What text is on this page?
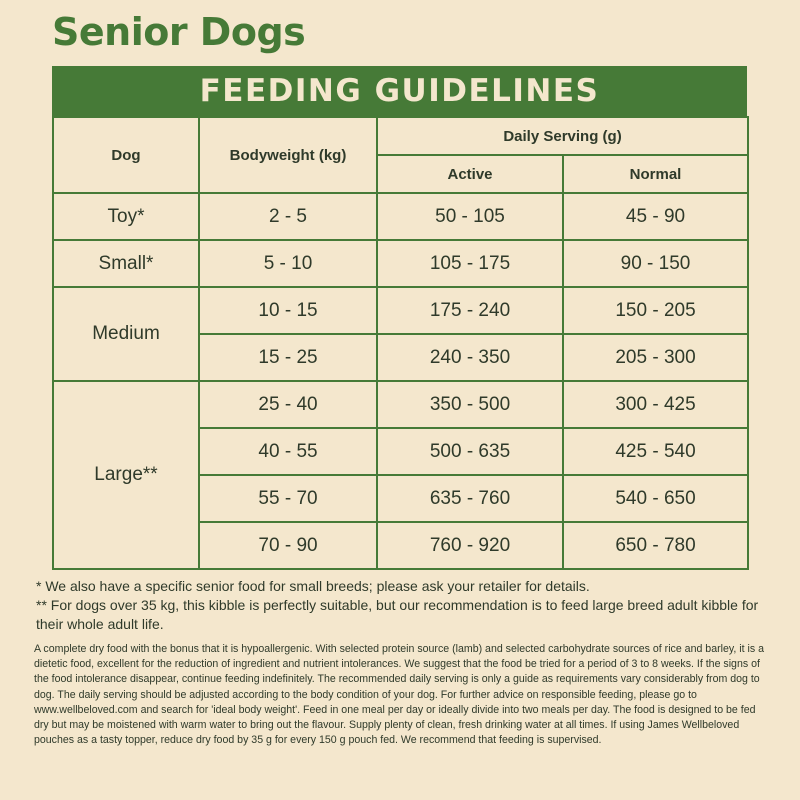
Senior Dogs
FEEDING GUIDELINES
Dog	Bodyweight (kg)	Daily Serving (g)	
		Active	Normal
Toy*	2 - 5	50 - 105	45 - 90
Small*	5 - 10	105 - 175	90 - 150
Medium	10 - 15	175 - 240	150 - 205
	15 - 25	240 - 350	205 - 300
Large**	25 - 40	350 - 500	300 - 425
	40 - 55	500 - 635	425 - 540
	55 - 70	635 - 760	540 - 650
	70 - 90	760 - 920	650 - 780

* We also have a specific senior food for small breeds; please ask your retailer for details.

** For dogs over 35 kg, this kibble is perfectly suitable, but our recommendation is to feed large breed adult kibble for their whole adult life.

A complete dry food with the bonus that it is hypoallergenic. With selected protein source (lamb) and selected carbohydrate sources of rice and barley, it is a dietetic food, excellent for the reduction of ingredient and nutrient intolerances. We suggest that the food be tried for a period of 3 to 8 weeks. If the signs of the food intolerance disappear, continue feeding indefinitely. The recommended daily serving is only a guide as requirements vary considerably from dog to dog. The daily serving should be adjusted according to the body condition of your dog. For further advice on responsible feeding, please go to www.wellbeloved.com and search for 'ideal body weight'. Feed in one meal per day or ideally divide into two meals per day. The food is designed to be fed dry but may be moistened with warm water to bring out the flavour. Supply plenty of clean, fresh drinking water at all times. If using James Wellbeloved pouches as a tasty topper, reduce dry food by 35 g for every 150 g pouch fed. We recommend that feeding is supervised.
